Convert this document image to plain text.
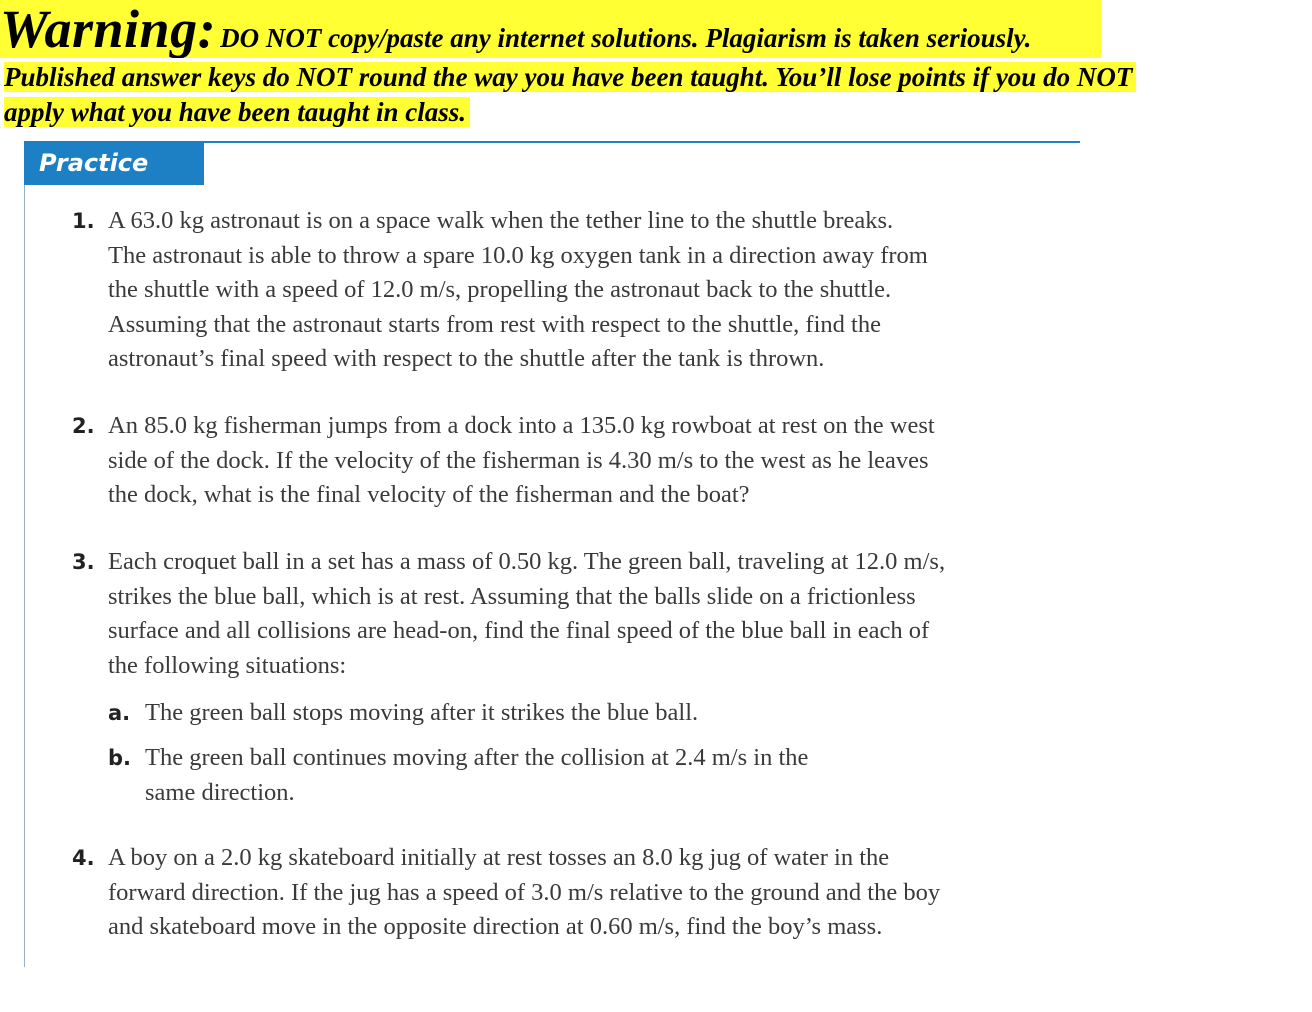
Warning: DO NOT copy/paste any internet solutions. Plagiarism is taken seriously.
Published answer keys do NOT round the way you have been taught. You’ll lose points if you do NOT
apply what you have been taught in class.
Practice
1. A 63.0 kg astronaut is on a space walk when the tether line to the shuttle breaks.
The astronaut is able to throw a spare 10.0 kg oxygen tank in a direction away from
the shuttle with a speed of 12.0 m/s, propelling the astronaut back to the shuttle.
Assuming that the astronaut starts from rest with respect to the shuttle, find the
astronaut’s final speed with respect to the shuttle after the tank is thrown.
2. An 85.0 kg fisherman jumps from a dock into a 135.0 kg rowboat at rest on the west
side of the dock. If the velocity of the fisherman is 4.30 m/s to the west as he leaves
the dock, what is the final velocity of the fisherman and the boat?
3. Each croquet ball in a set has a mass of 0.50 kg. The green ball, traveling at 12.0 m/s,
strikes the blue ball, which is at rest. Assuming that the balls slide on a frictionless
surface and all collisions are head-on, find the final speed of the blue ball in each of
the following situations:
a. The green ball stops moving after it strikes the blue ball.
b. The green ball continues moving after the collision at 2.4 m/s in the
same direction.
4. A boy on a 2.0 kg skateboard initially at rest tosses an 8.0 kg jug of water in the
forward direction. If the jug has a speed of 3.0 m/s relative to the ground and the boy
and skateboard move in the opposite direction at 0.60 m/s, find the boy’s mass.
